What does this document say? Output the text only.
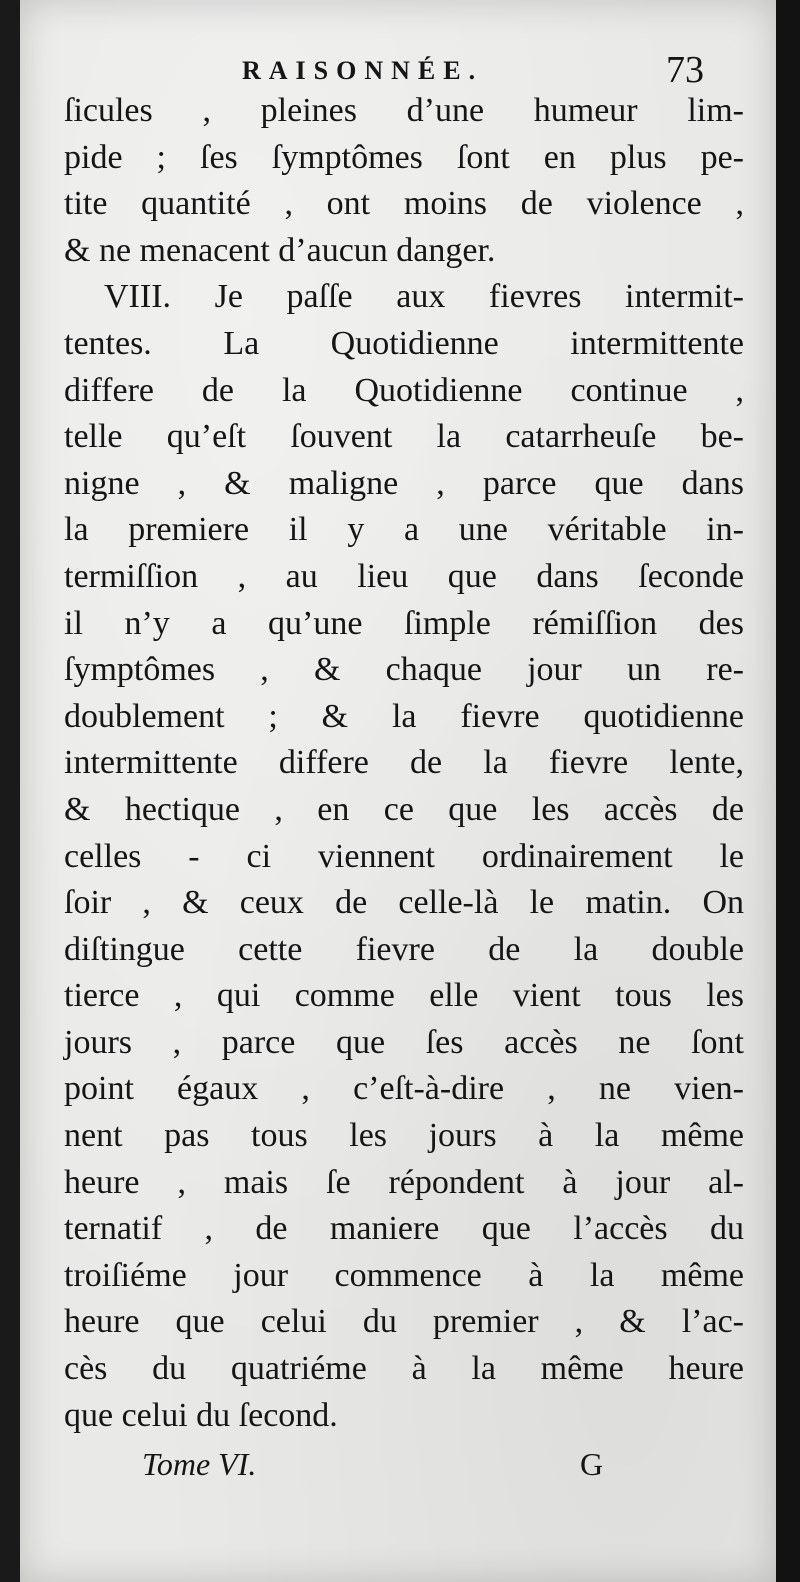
RAISONNÉE.	73
ſicules , pleines d’une humeur lim-
pide ; ſes ſymptômes ſont en plus pe-
tite quantité , ont moins de violence ,
& ne menacent d’aucun danger.
VIII. Je paſſe aux fievres intermit-
tentes. La Quotidienne intermittente
differe de la Quotidienne continue ,
telle qu’eſt ſouvent la catarrheuſe be-
nigne , & maligne , parce que dans
la premiere il y a une véritable in-
termiſſion , au lieu que dans ſeconde
il n’y a qu’une ſimple rémiſſion des
ſymptômes , & chaque jour un re-
doublement ; & la fievre quotidienne
intermittente differe de la fievre lente,
& hectique , en ce que les accès de
celles - ci viennent ordinairement le
ſoir , & ceux de celle-là le matin. On
diſtingue cette fievre de la double
tierce , qui comme elle vient tous les
jours , parce que ſes accès ne ſont
point égaux , c’eſt-à-dire , ne vien-
nent pas tous les jours à la même
heure , mais ſe répondent à jour al-
ternatif , de maniere que l’accès du
troiſiéme jour commence à la même
heure que celui du premier , & l’ac-
cès du quatriéme à la même heure
que celui du ſecond.
Tome VI.	G
